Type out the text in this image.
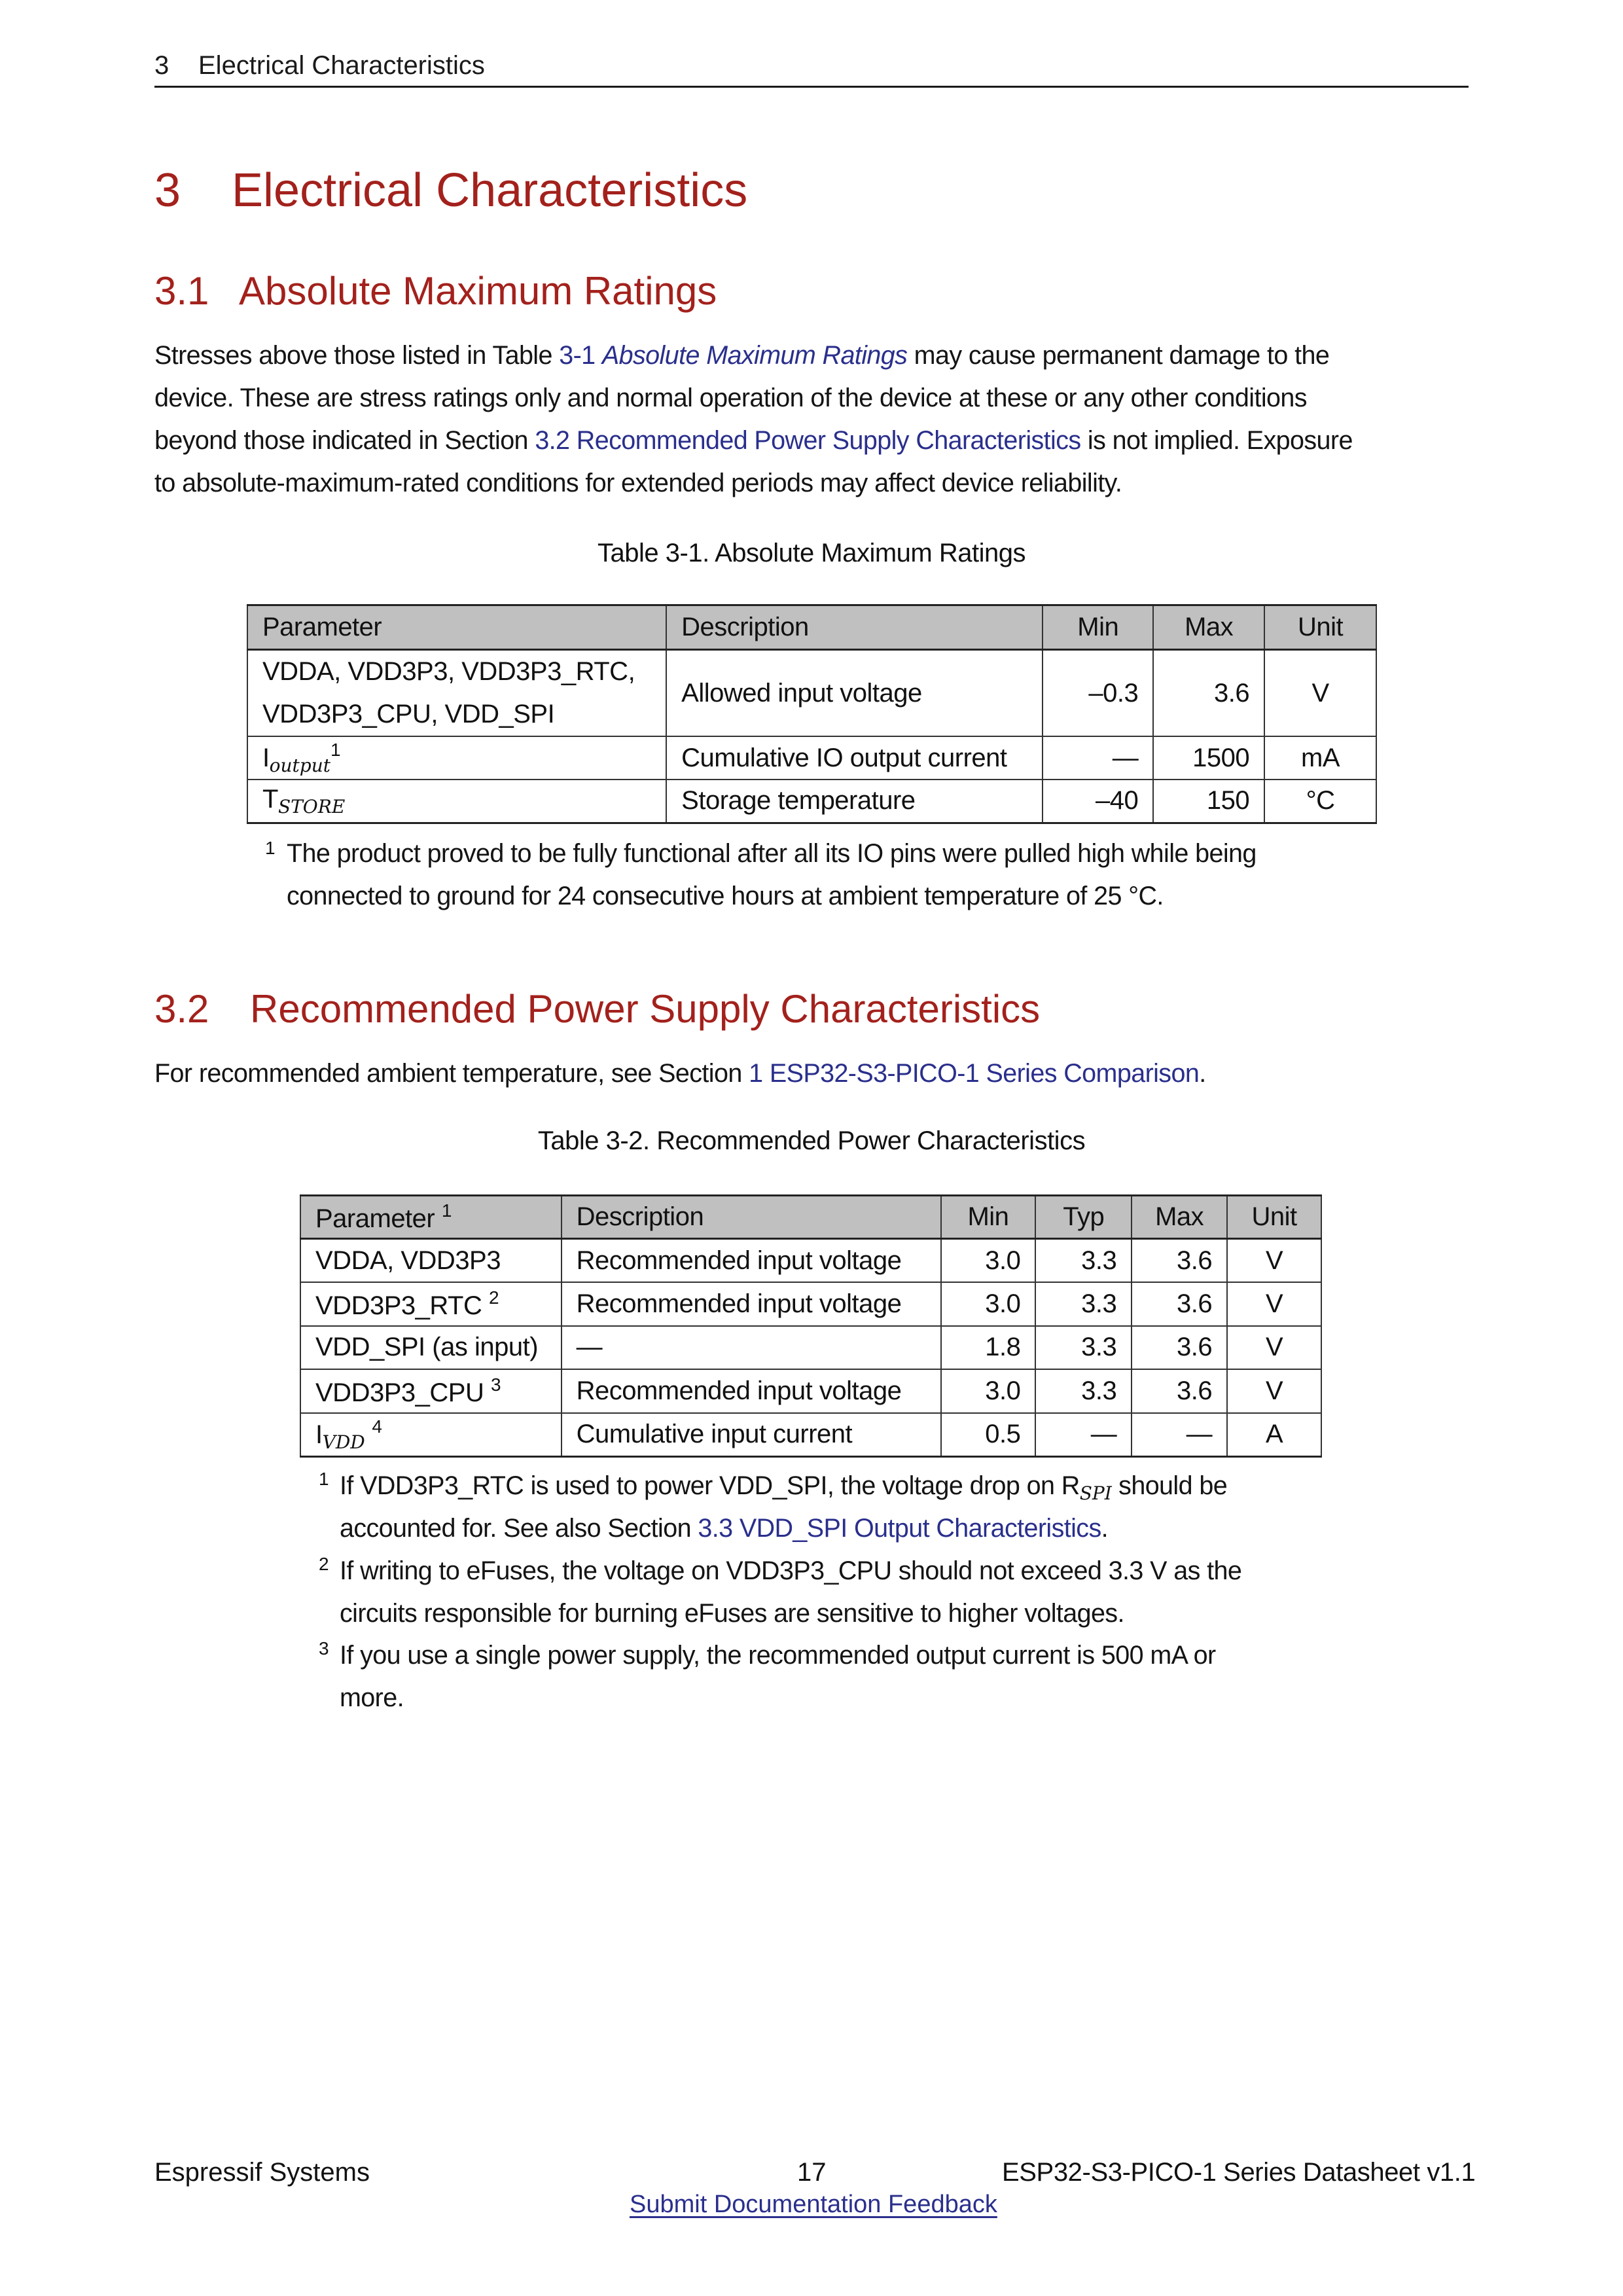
3 Electrical Characteristics
3 Electrical Characteristics
3.1 Absolute Maximum Ratings
Stresses above those listed in Table 3-1 Absolute Maximum Ratings may cause permanent damage to the
device. These are stress ratings only and normal operation of the device at these or any other conditions
beyond those indicated in Section 3.2 Recommended Power Supply Characteristics is not implied. Exposure
to absolute-maximum-rated conditions for extended periods may affect device reliability.
Table 3-1. Absolute Maximum Ratings
Parameter	Description	Min	Max	Unit

VDDA, VDD3P3, VDD3P3_RTC,
VDD3P3_CPU, VDD_SPI	Allowed input voltage	–0.3	3.6	V
$I_{output}^1$	Cumulative IO output current	—	1500	mA
$T_{STORE}$	Storage temperature	–40	150	°C
1 The product proved to be fully functional after all its IO pins were pulled high while being
connected to ground for 24 consecutive hours at ambient temperature of 25 °C.
3.2 Recommended Power Supply Characteristics
For recommended ambient temperature, see Section 1 ESP32-S3-PICO-1 Series Comparison.
Table 3-2. Recommended Power Characteristics
Parameter $^1$	Description	Min	Typ	Max	Unit
VDDA, VDD3P3	Recommended input voltage	3.0	3.3	3.6	V
VDD3P3_RTC $^2$	Recommended input voltage	3.0	3.3	3.6	V
VDD_SPI (as input)	—	1.8	3.3	3.6	V
VDD3P3_CPU $^3$	Recommended input voltage	3.0	3.3	3.6	V
$I_{VDD}$ $^4$	Cumulative input current	0.5	—	—	A
1 If VDD3P3_RTC is used to power VDD_SPI, the voltage drop on $R_{SPI}$ should be
accounted for. See also Section 3.3 VDD_SPI Output Characteristics.
2 If writing to eFuses, the voltage on VDD3P3_CPU should not exceed 3.3 V as the
circuits responsible for burning eFuses are sensitive to higher voltages.
3 If you use a single power supply, the recommended output current is 500 mA or
more.
Espressif Systems	17	ESP32-S3-PICO-1 Series Datasheet v1.1
Submit Documentation Feedback
